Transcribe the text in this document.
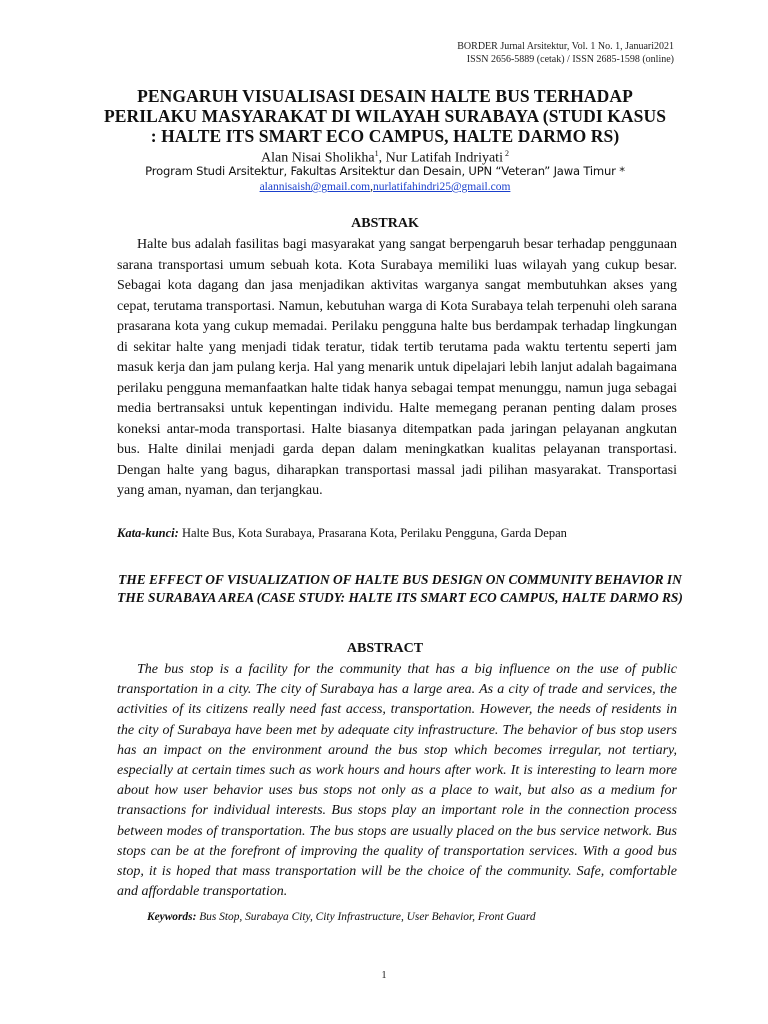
BORDER Jurnal Arsitektur, Vol. 1 No. 1, Januari2021
ISSN 2656-5889 (cetak) / ISSN 2685-1598 (online)
PENGARUH VISUALISASI DESAIN HALTE BUS TERHADAP PERILAKU MASYARAKAT DI WILAYAH SURABAYA (STUDI KASUS : HALTE ITS SMART ECO CAMPUS, HALTE DARMO RS)
Alan Nisai Sholikha$^1$, Nur Latifah Indriyati $^2$
Program Studi Arsitektur, Fakultas Arsitektur dan Desain, UPN “Veteran” Jawa Timur *
alannisaish@gmail.com,nurlatifahindri25@gmail.com
ABSTRAK

Halte bus adalah fasilitas bagi masyarakat yang sangat berpengaruh besar terhadap penggunaan sarana transportasi umum sebuah kota. Kota Surabaya memiliki luas wilayah yang cukup besar. Sebagai kota dagang dan jasa menjadikan aktivitas warganya sangat membutuhkan akses yang cepat, terutama transportasi. Namun, kebutuhan warga di Kota Surabaya telah terpenuhi oleh sarana prasarana kota yang cukup memadai. Perilaku pengguna halte bus berdampak terhadap lingkungan di sekitar halte yang menjadi tidak teratur, tidak tertib terutama pada waktu tertentu seperti jam masuk kerja dan jam pulang kerja. Hal yang menarik untuk dipelajari lebih lanjut adalah bagaimana perilaku pengguna memanfaatkan halte tidak hanya sebagai tempat menunggu, namun juga sebagai media bertransaksi untuk kepentingan individu. Halte memegang peranan penting dalam proses koneksi antar-moda transportasi. Halte biasanya ditempatkan pada jaringan pelayanan angkutan bus. Halte dinilai menjadi garda depan dalam meningkatkan kualitas pelayanan transportasi. Dengan halte yang bagus, diharapkan transportasi massal jadi pilihan masyarakat. Transportasi yang aman, nyaman, dan terjangkau.

Kata-kunci: Halte Bus, Kota Surabaya, Prasarana Kota, Perilaku Pengguna, Garda Depan
THE EFFECT OF VISUALIZATION OF HALTE BUS DESIGN ON COMMUNITY BEHAVIOR IN THE SURABAYA AREA (CASE STUDY: HALTE ITS SMART ECO CAMPUS, HALTE DARMO RS)
ABSTRACT

The bus stop is a facility for the community that has a big influence on the use of public transportation in a city. The city of Surabaya has a large area. As a city of trade and services, the activities of its citizens really need fast access, transportation. However, the needs of residents in the city of Surabaya have been met by adequate city infrastructure. The behavior of bus stop users has an impact on the environment around the bus stop which becomes irregular, not tertiary, especially at certain times such as work hours and hours after work. It is interesting to learn more about how user behavior uses bus stops not only as a place to wait, but also as a medium for transactions for individual interests. Bus stops play an important role in the connection process between modes of transportation. The bus stops are usually placed on the bus service network. Bus stops can be at the forefront of improving the quality of transportation services. With a good bus stop, it is hoped that mass transportation will be the choice of the community. Safe, comfortable and affordable transportation.

Keywords: Bus Stop, Surabaya City, City Infrastructure, User Behavior, Front Guard
1
